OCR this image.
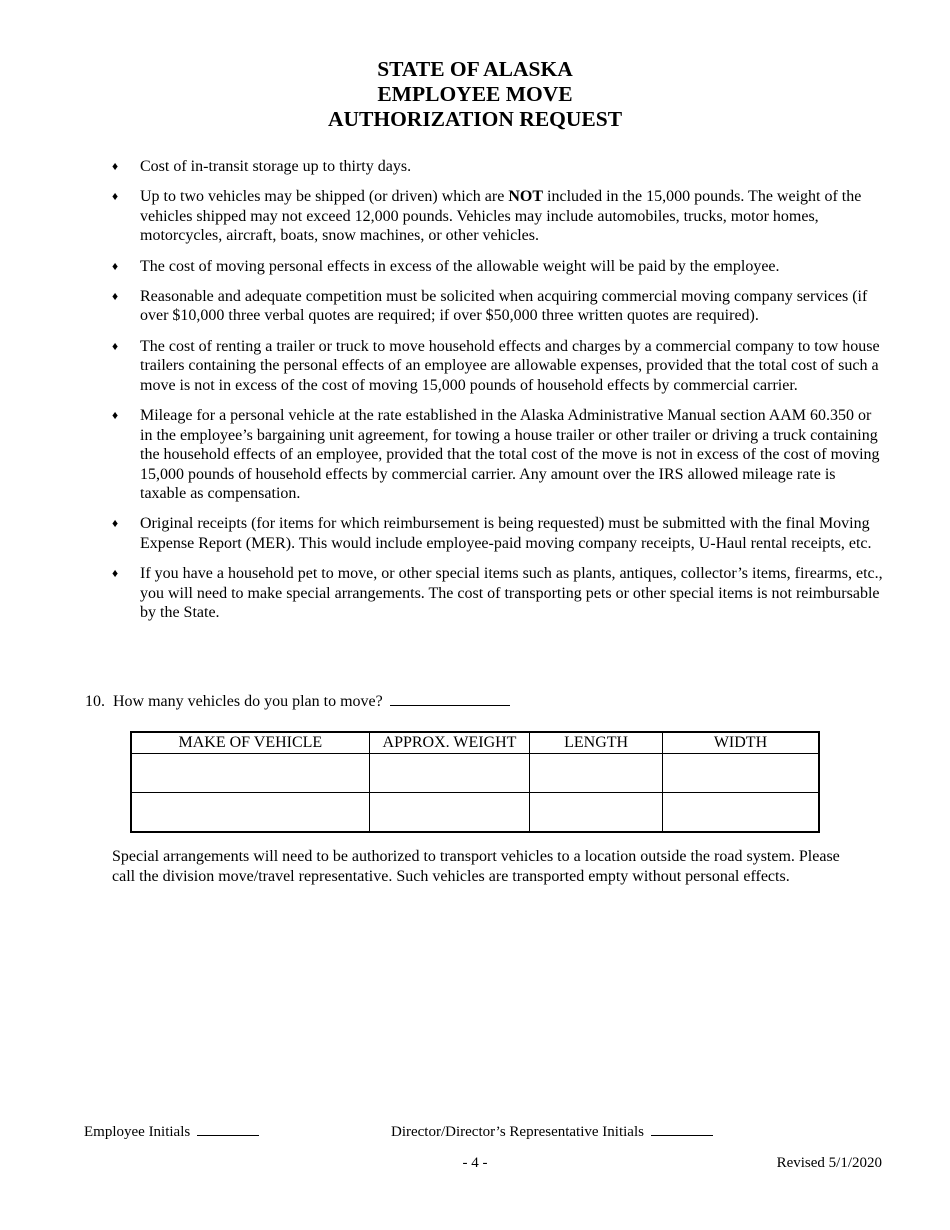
STATE OF ALASKA
EMPLOYEE MOVE
AUTHORIZATION REQUEST
♦ Cost of in-transit storage up to thirty days.
♦ Up to two vehicles may be shipped (or driven) which are NOT included in the 15,000 pounds. The weight of the vehicles shipped may not exceed 12,000 pounds. Vehicles may include automobiles, trucks, motor homes, motorcycles, aircraft, boats, snow machines, or other vehicles.
♦ The cost of moving personal effects in excess of the allowable weight will be paid by the employee.
♦ Reasonable and adequate competition must be solicited when acquiring commercial moving company services (if over $10,000 three verbal quotes are required; if over $50,000 three written quotes are required).
♦ The cost of renting a trailer or truck to move household effects and charges by a commercial company to tow house trailers containing the personal effects of an employee are allowable expenses, provided that the total cost of such a move is not in excess of the cost of moving 15,000 pounds of household effects by commercial carrier.
♦ Mileage for a personal vehicle at the rate established in the Alaska Administrative Manual section AAM 60.350 or in the employee’s bargaining unit agreement, for towing a house trailer or other trailer or driving a truck containing the household effects of an employee, provided that the total cost of the move is not in excess of the cost of moving 15,000 pounds of household effects by commercial carrier. Any amount over the IRS allowed mileage rate is taxable as compensation.
♦ Original receipts (for items for which reimbursement is being requested) must be submitted with the final Moving Expense Report (MER). This would include employee-paid moving company receipts, U-Haul rental receipts, etc.
♦ If you have a household pet to move, or other special items such as plants, antiques, collector’s items, firearms, etc., you will need to make special arrangements. The cost of transporting pets or other special items is not reimbursable by the State.
10. How many vehicles do you plan to move?
MAKE OF VEHICLE	APPROX. WEIGHT	LENGTH	WIDTH

Special arrangements will need to be authorized to transport vehicles to a location outside the road system. Please call the division move/travel representative. Such vehicles are transported empty without personal effects.
Employee Initials	Director/Director’s Representative Initials
- 4 -	Revised 5/1/2020
